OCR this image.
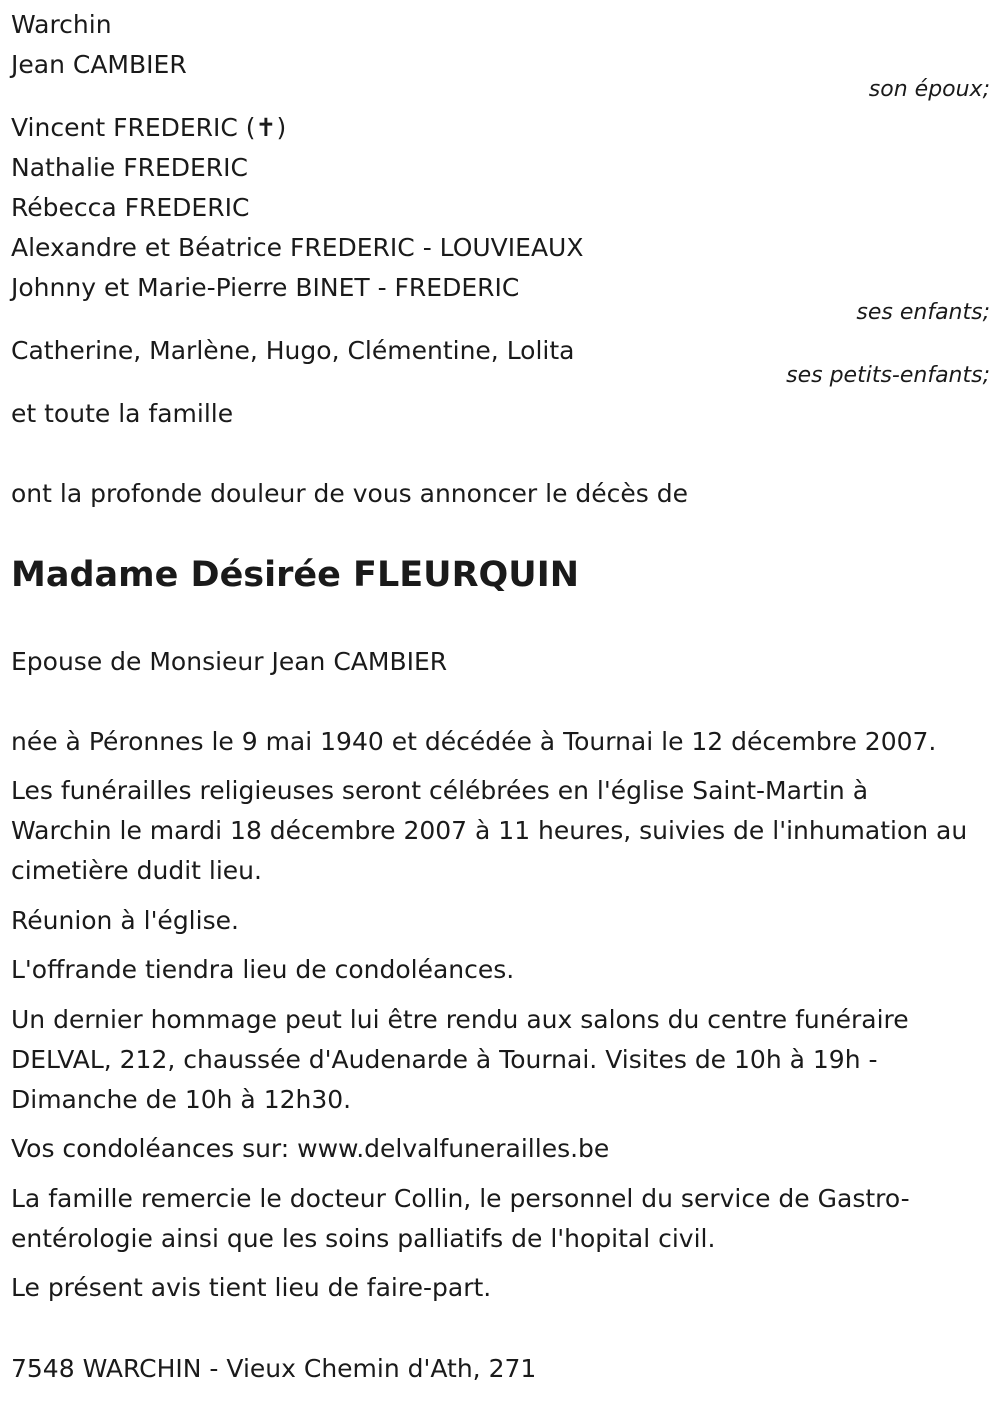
Warchin
Jean CAMBIER
son époux;
Vincent FREDERIC (✝)
Nathalie FREDERIC
Rébecca FREDERIC
Alexandre et Béatrice FREDERIC - LOUVIEAUX
Johnny et Marie-Pierre BINET - FREDERIC
ses enfants;
Catherine, Marlène, Hugo, Clémentine, Lolita
ses petits-enfants;
et toute la famille
ont la profonde douleur de vous annoncer le décès de
Madame Désirée FLEURQUIN
Epouse de Monsieur Jean CAMBIER
née à Péronnes le 9 mai 1940 et décédée à Tournai le 12 décembre 2007.
Les funérailles religieuses seront célébrées en l'église Saint-Martin à Warchin le mardi 18 décembre 2007 à 11 heures, suivies de l'inhumation au cimetière dudit lieu.
Réunion à l'église.
L'offrande tiendra lieu de condoléances.
Un dernier hommage peut lui être rendu aux salons du centre funéraire DELVAL, 212, chaussée d'Audenarde à Tournai. Visites de 10h à 19h - Dimanche de 10h à 12h30.
Vos condoléances sur: www.delvalfunerailles.be
La famille remercie le docteur Collin, le personnel du service de Gastro-entérologie ainsi que les soins palliatifs de l'hopital civil.
Le présent avis tient lieu de faire-part.
7548 WARCHIN - Vieux Chemin d'Ath, 271
